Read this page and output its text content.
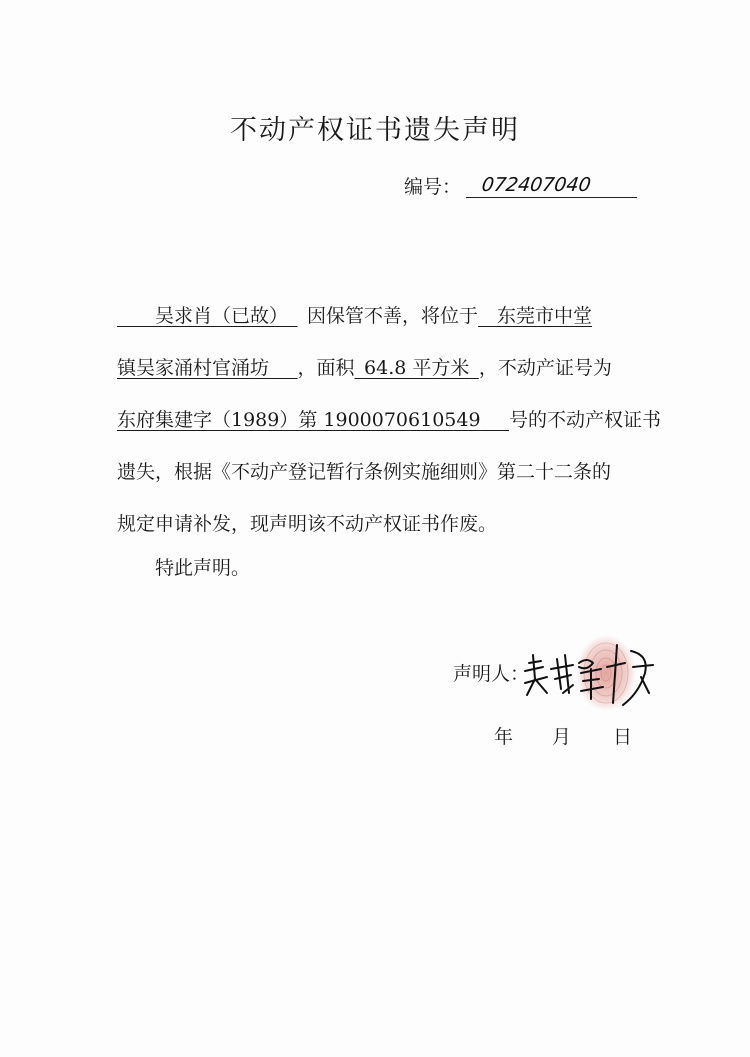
不动产权证书遗失声明
编号：	072407040
  吴求肖（已故）   因保管不善，将位于  东莞市中堂
镇吴家涌村官涌坊   ，面积  64.8 平方米  ，不动产证号为
东府集建字（1989）第 1900070610549   号的不动产权证书
遗失，根据《不动产登记暂行条例实施细则》第二十二条的
规定申请补发，现声明该不动产权证书作废。
特此声明。
声明人：
年 月 日
